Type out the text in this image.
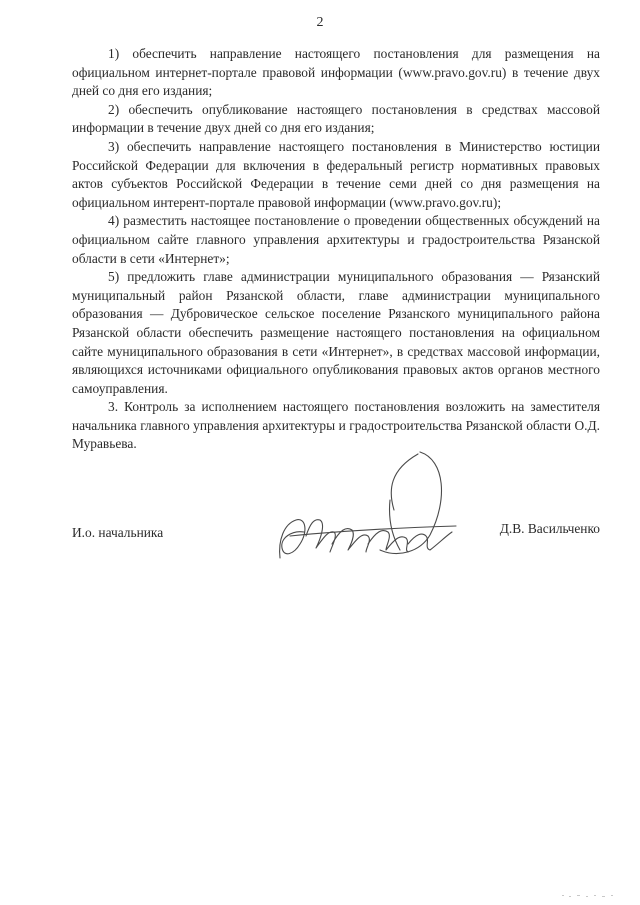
2

1) обеспечить направление настоящего постановления для размещения на официальном интернет-портале правовой информации (www.pravo.gov.ru) в течение двух дней со дня его издания;

2) обеспечить опубликование настоящего постановления в средствах массовой информации в течение двух дней со дня его издания;

3) обеспечить направление настоящего постановления в Министерство юстиции Российской Федерации для включения в федеральный регистр нормативных правовых актов субъектов Российской Федерации в течение семи дней со дня размещения на официальном интерент-портале правовой информации (www.pravo.gov.ru);

4) разместить настоящее постановление о проведении общественных обсуждений на официальном сайте главного управления архитектуры и градостроительства Рязанской области в сети «Интернет»;

5) предложить главе администрации муниципального образования — Рязанский муниципальный район Рязанской области, главе администрации муниципального образования — Дубровическое сельское поселение Рязанского муниципального района Рязанской области обеспечить размещение настоящего постановления на официальном сайте муниципального образования в сети «Интернет», в средствах массовой информации, являющихся источниками официального опубликования правовых актов органов местного самоуправления.

3. Контроль за исполнением настоящего постановления возложить на заместителя начальника главного управления архитектуры и градостроительства Рязанской области О.Д. Муравьева.

И.о. начальника	Д.В. Васильченко
